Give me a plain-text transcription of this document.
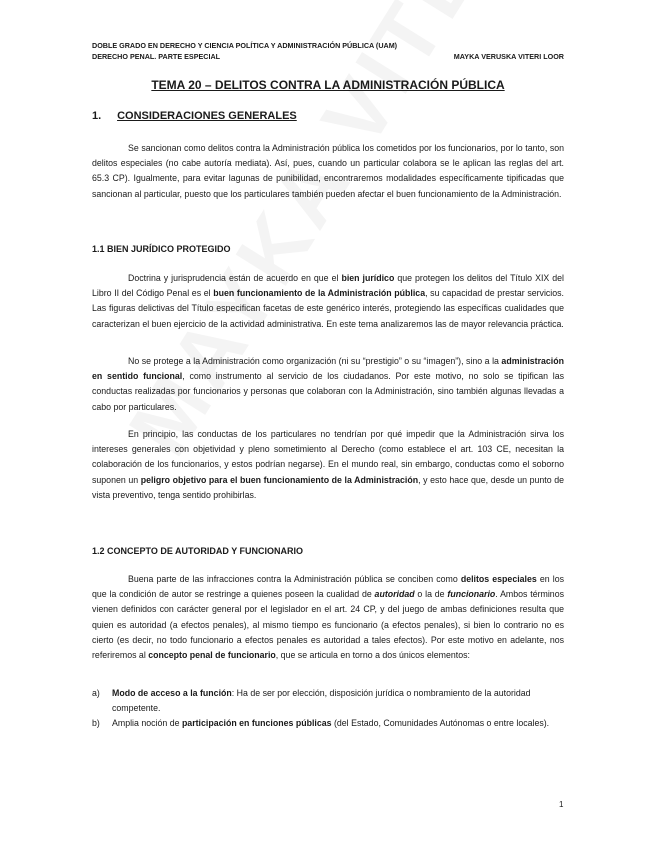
DOBLE GRADO EN DERECHO Y CIENCIA POLÍTICA Y ADMINISTRACIÓN PÚBLICA (UAM)
DERECHO PENAL. PARTE ESPECIAL	MAYKA VERUSKA VITERI LOOR
TEMA 20 – DELITOS CONTRA LA ADMINISTRACIÓN PÚBLICA
1. CONSIDERACIONES GENERALES
Se sancionan como delitos contra la Administración pública los cometidos por los funcionarios, por lo tanto, son delitos especiales (no cabe autoría mediata). Así, pues, cuando un particular colabora se le aplican las reglas del art. 65.3 CP). Igualmente, para evitar lagunas de punibilidad, encontraremos modalidades específicamente tipificadas que sancionan al particular, puesto que los particulares también pueden afectar el buen funcionamiento de la Administración.
1.1 BIEN JURÍDICO PROTEGIDO
Doctrina y jurisprudencia están de acuerdo en que el bien jurídico que protegen los delitos del Título XIX del Libro II del Código Penal es el buen funcionamiento de la Administración pública, su capacidad de prestar servicios. Las figuras delictivas del Título especifican facetas de este genérico interés, protegiendo las específicas cualidades que caracterizan el buen ejercicio de la actividad administrativa. En este tema analizaremos las de mayor relevancia práctica.
No se protege a la Administración como organización (ni su “prestigio” o su “imagen”), sino a la administración en sentido funcional, como instrumento al servicio de los ciudadanos. Por este motivo, no solo se tipifican las conductas realizadas por funcionarios y personas que colaboran con la Administración, sino también algunas llevadas a cabo por particulares.
En principio, las conductas de los particulares no tendrían por qué impedir que la Administración sirva los intereses generales con objetividad y pleno sometimiento al Derecho (como establece el art. 103 CE, necesitan la colaboración de los funcionarios, y estos podrían negarse). En el mundo real, sin embargo, conductas como el soborno suponen un peligro objetivo para el buen funcionamiento de la Administración, y esto hace que, desde un punto de vista preventivo, tenga sentido prohibirlas.
1.2 CONCEPTO DE AUTORIDAD Y FUNCIONARIO
Buena parte de las infracciones contra la Administración pública se conciben como delitos especiales en los que la condición de autor se restringe a quienes poseen la cualidad de autoridad o la de funcionario. Ambos términos vienen definidos con carácter general por el legislador en el art. 24 CP, y del juego de ambas definiciones resulta que quien es autoridad (a efectos penales), al mismo tiempo es funcionario (a efectos penales), si bien lo contrario no es cierto (es decir, no todo funcionario a efectos penales es autoridad a tales efectos). Por este motivo en adelante, nos referiremos al concepto penal de funcionario, que se articula en torno a dos únicos elementos:
a)	Modo de acceso a la función: Ha de ser por elección, disposición jurídica o nombramiento de la autoridad competente.
b)	Amplia noción de participación en funciones públicas (del Estado, Comunidades Autónomas o entre locales).
1
